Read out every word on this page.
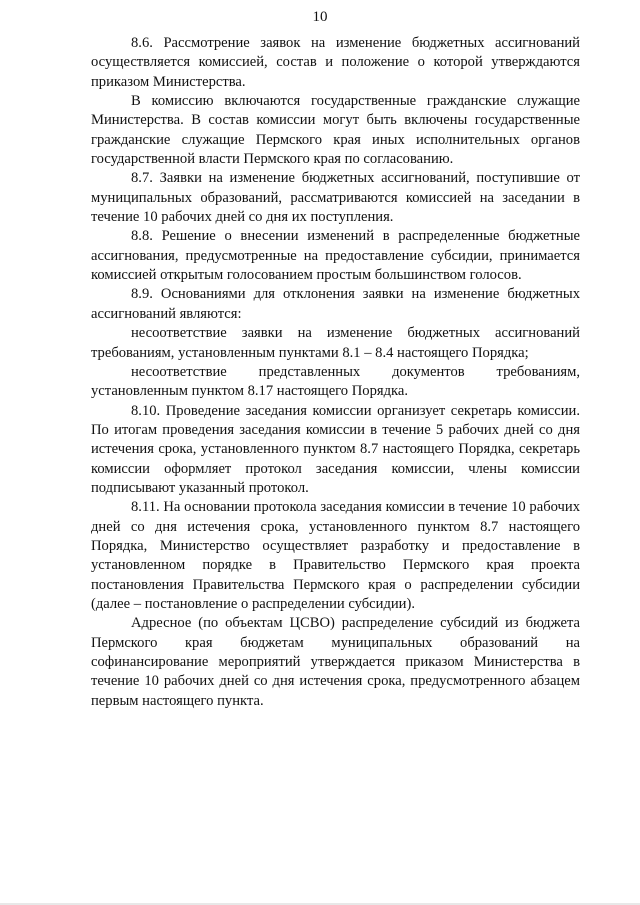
10

8.6. Рассмотрение заявок на изменение бюджетных ассигнований осуществляется комиссией, состав и положение о которой утверждаются приказом Министерства.

В комиссию включаются государственные гражданские служащие Министерства. В состав комиссии могут быть включены государственные гражданские служащие Пермского края иных исполнительных органов государственной власти Пермского края по согласованию.

8.7. Заявки на изменение бюджетных ассигнований, поступившие от муниципальных образований, рассматриваются комиссией на заседании в течение 10 рабочих дней со дня их поступления.

8.8. Решение о внесении изменений в распределенные бюджетные ассигнования, предусмотренные на предоставление субсидии, принимается комиссией открытым голосованием простым большинством голосов.

8.9. Основаниями для отклонения заявки на изменение бюджетных ассигнований являются:

несоответствие заявки на изменение бюджетных ассигнований требованиям, установленным пунктами 8.1 – 8.4 настоящего Порядка;

несоответствие представленных документов требованиям, установленным пунктом 8.17 настоящего Порядка.

8.10. Проведение заседания комиссии организует секретарь комиссии. По итогам проведения заседания комиссии в течение 5 рабочих дней со дня истечения срока, установленного пунктом 8.7 настоящего Порядка, секретарь комиссии оформляет протокол заседания комиссии, члены комиссии подписывают указанный протокол.

8.11. На основании протокола заседания комиссии в течение 10 рабочих дней со дня истечения срока, установленного пунктом 8.7 настоящего Порядка, Министерство осуществляет разработку и предоставление в установленном порядке в Правительство Пермского края проекта постановления Правительства Пермского края о распределении субсидии (далее – постановление о распределении субсидии).

Адресное (по объектам ЦСВО) распределение субсидий из бюджета Пермского края бюджетам муниципальных образований на софинансирование мероприятий утверждается приказом Министерства в течение 10 рабочих дней со дня истечения срока, предусмотренного абзацем первым настоящего пункта.
